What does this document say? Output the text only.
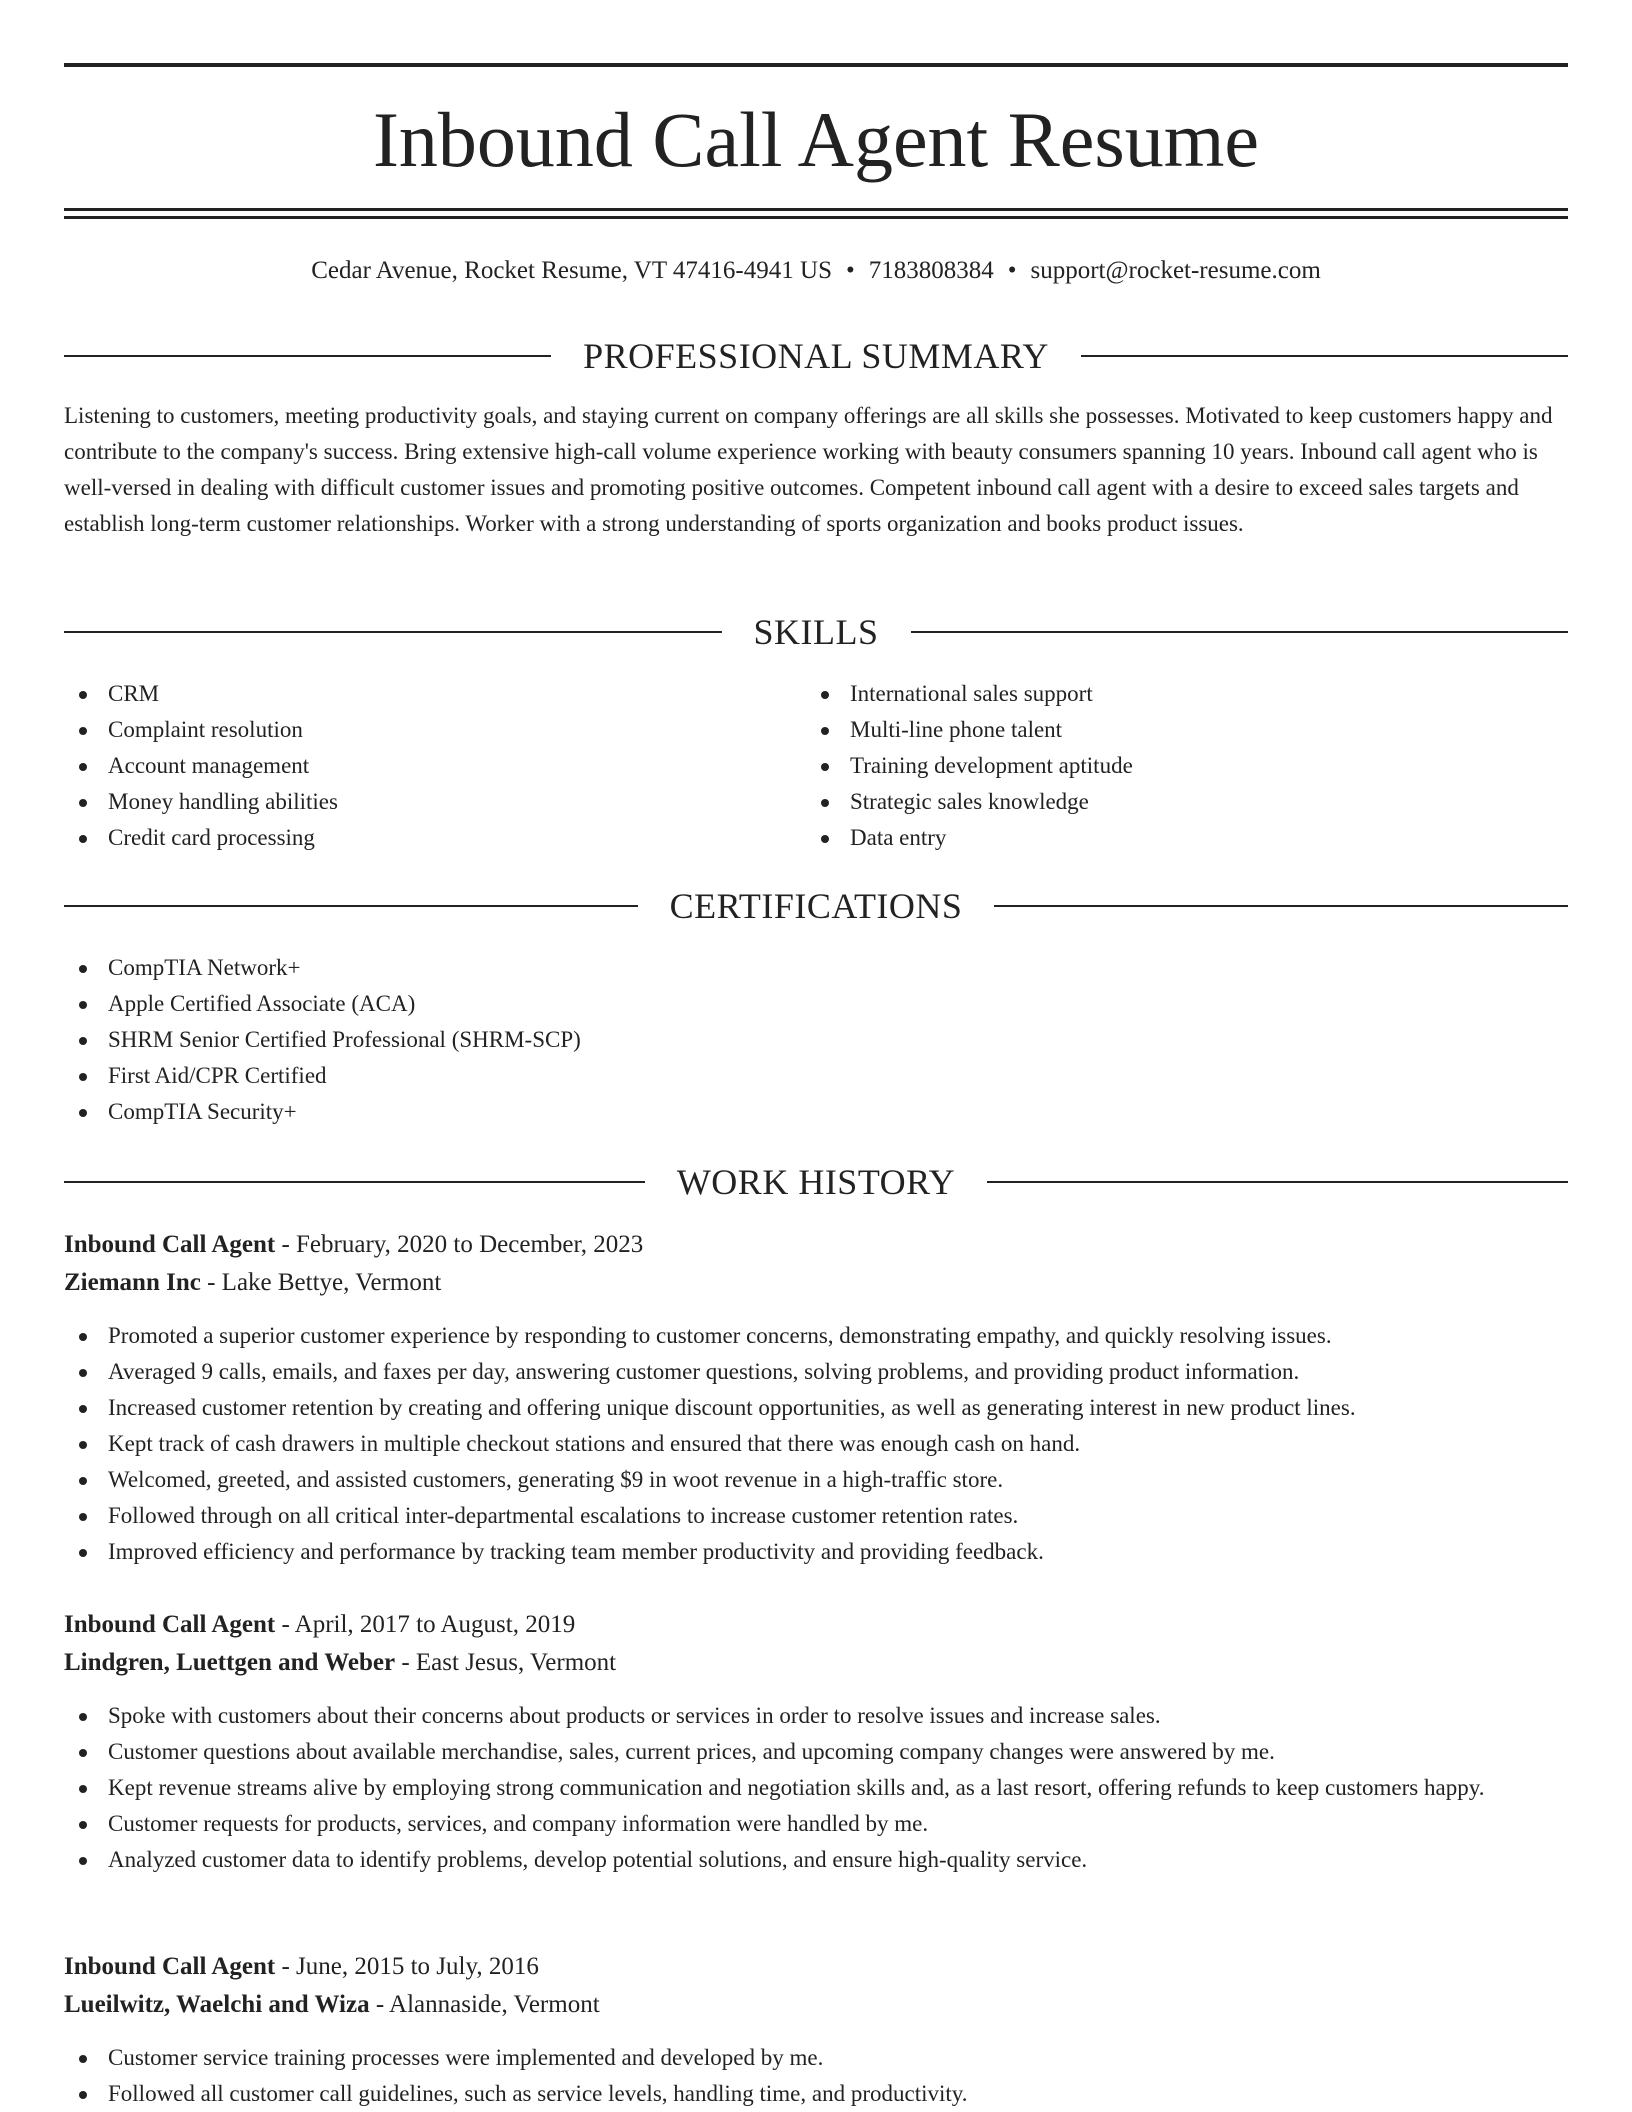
Inbound Call Agent Resume
Cedar Avenue, Rocket Resume, VT 47416-4941 US • 7183808384 • support@rocket-resume.com
PROFESSIONAL SUMMARY

Listening to customers, meeting productivity goals, and staying current on company offerings are all skills she possesses. Motivated to keep customers happy and contribute to the company's success. Bring extensive high-call volume experience working with beauty consumers spanning 10 years. Inbound call agent who is well-versed in dealing with difficult customer issues and promoting positive outcomes. Competent inbound call agent with a desire to exceed sales targets and establish long-term customer relationships. Worker with a strong understanding of sports organization and books product issues.

SKILLS
CRM
Complaint resolution
Account management
Money handling abilities
Credit card processing
International sales support
Multi-line phone talent
Training development aptitude
Strategic sales knowledge
Data entry
CERTIFICATIONS
CompTIA Network+
Apple Certified Associate (ACA)
SHRM Senior Certified Professional (SHRM-SCP)
First Aid/CPR Certified
CompTIA Security+
WORK HISTORY
Inbound Call Agent - February, 2020 to December, 2023
Ziemann Inc - Lake Bettye, Vermont
Promoted a superior customer experience by responding to customer concerns, demonstrating empathy, and quickly resolving issues.
Averaged 9 calls, emails, and faxes per day, answering customer questions, solving problems, and providing product information.
Increased customer retention by creating and offering unique discount opportunities, as well as generating interest in new product lines.
Kept track of cash drawers in multiple checkout stations and ensured that there was enough cash on hand.
Welcomed, greeted, and assisted customers, generating $9 in woot revenue in a high-traffic store.
Followed through on all critical inter-departmental escalations to increase customer retention rates.
Improved efficiency and performance by tracking team member productivity and providing feedback.
Inbound Call Agent - April, 2017 to August, 2019
Lindgren, Luettgen and Weber - East Jesus, Vermont
Spoke with customers about their concerns about products or services in order to resolve issues and increase sales.
Customer questions about available merchandise, sales, current prices, and upcoming company changes were answered by me.
Kept revenue streams alive by employing strong communication and negotiation skills and, as a last resort, offering refunds to keep customers happy.
Customer requests for products, services, and company information were handled by me.
Analyzed customer data to identify problems, develop potential solutions, and ensure high-quality service.
Inbound Call Agent - June, 2015 to July, 2016
Lueilwitz, Waelchi and Wiza - Alannaside, Vermont
Customer service training processes were implemented and developed by me.
Followed all customer call guidelines, such as service levels, handling time, and productivity.
